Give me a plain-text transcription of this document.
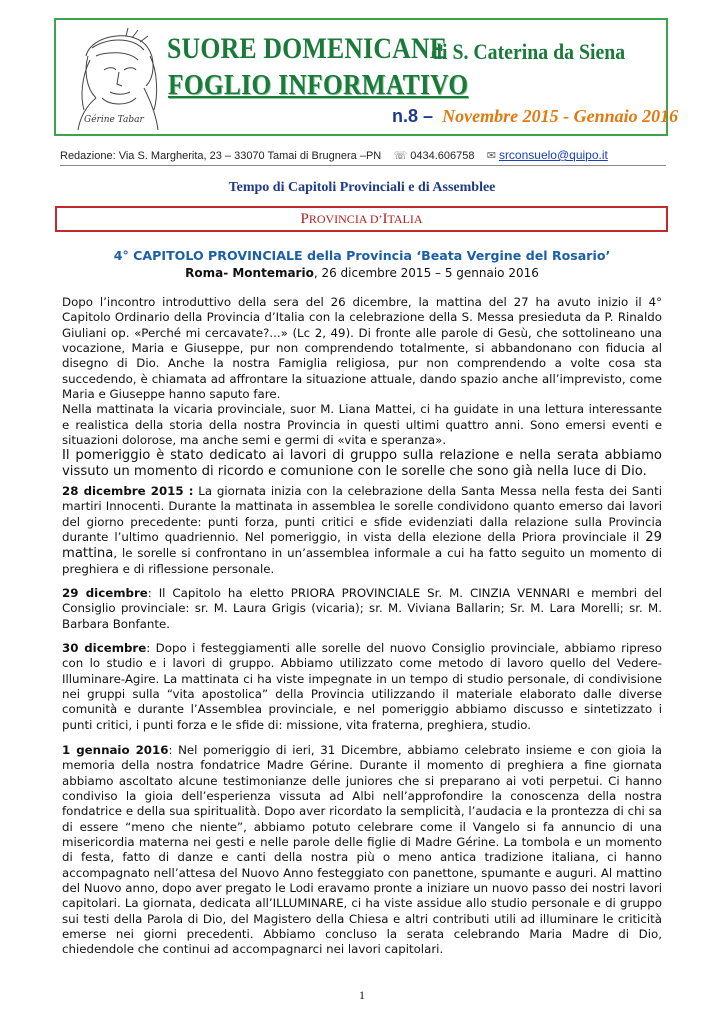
Gérine Tabar
SUORE DOMENICANE
di S. Caterina da Siena
FOGLIO INFORMATIVO
n.8 – Novembre 2015 - Gennaio 2016
Redazione: Via S. Margherita, 23 – 33070 Tamai di Brugnera –PN ☏ 0434.606758 ✉ srconsuelo@quipo.it
Tempo di Capitoli Provinciali e di Assemblee
PROVINCIA D’ITALIA
4° CAPITOLO PROVINCIALE della Provincia ‘Beata Vergine del Rosario’
Roma- Montemario, 26 dicembre 2015 – 5 gennaio 2016

Dopo l’incontro introduttivo della sera del 26 dicembre, la mattina del 27 ha avuto inizio il 4° Capitolo Ordinario della Provincia d’Italia con la celebrazione della S. Messa presieduta da P. Rinaldo Giuliani op. «Perché mi cercavate?...» (Lc 2, 49). Di fronte alle parole di Gesù, che sottolineano una vocazione, Maria e Giuseppe, pur non comprendendo totalmente, si abbandonano con fiducia al disegno di Dio. Anche la nostra Famiglia religiosa, pur non comprendendo a volte cosa sta succedendo, è chiamata ad affrontare la situazione attuale, dando spazio anche all’imprevisto, come Maria e Giuseppe hanno saputo fare.

Nella mattinata la vicaria provinciale, suor M. Liana Mattei, ci ha guidate in una lettura interessante e realistica della storia della nostra Provincia in questi ultimi quattro anni. Sono emersi eventi e situazioni dolorose, ma anche semi e germi di «vita e speranza».

Il pomeriggio è stato dedicato ai lavori di gruppo sulla relazione e nella serata abbiamo vissuto un momento di ricordo e comunione con le sorelle che sono già nella luce di Dio.

28 dicembre 2015 : La giornata inizia con la celebrazione della Santa Messa nella festa dei Santi martiri Innocenti. Durante la mattinata in assemblea le sorelle condividono quanto emerso dai lavori del giorno precedente: punti forza, punti critici e sfide evidenziati dalla relazione sulla Provincia durante l’ultimo quadriennio. Nel pomeriggio, in vista della elezione della Priora provinciale il 29 mattina, le sorelle si confrontano in un’assemblea informale a cui ha fatto seguito un momento di preghiera e di riflessione personale.

29 dicembre: Il Capitolo ha eletto PRIORA PROVINCIALE Sr. M. CINZIA VENNARI e membri del Consiglio provinciale: sr. M. Laura Grigis (vicaria); sr. M. Viviana Ballarin; Sr. M. Lara Morelli; sr. M. Barbara Bonfante.

30 dicembre: Dopo i festeggiamenti alle sorelle del nuovo Consiglio provinciale, abbiamo ripreso con lo studio e i lavori di gruppo. Abbiamo utilizzato come metodo di lavoro quello del Vedere-Illuminare-Agire. La mattinata ci ha viste impegnate in un tempo di studio personale, di condivisione nei gruppi sulla “vita apostolica” della Provincia utilizzando il materiale elaborato dalle diverse comunità e durante l’Assemblea provinciale, e nel pomeriggio abbiamo discusso e sintetizzato i punti critici, i punti forza e le sfide di: missione, vita fraterna, preghiera, studio.

1 gennaio 2016: Nel pomeriggio di ieri, 31 Dicembre, abbiamo celebrato insieme e con gioia la memoria della nostra fondatrice Madre Gérine. Durante il momento di preghiera a fine giornata abbiamo ascoltato alcune testimonianze delle juniores che si preparano ai voti perpetui. Ci hanno condiviso la gioia dell’esperienza vissuta ad Albi nell’approfondire la conoscenza della nostra fondatrice e della sua spiritualità. Dopo aver ricordato la semplicità, l’audacia e la prontezza di chi sa di essere “meno che niente”, abbiamo potuto celebrare come il Vangelo si fa annuncio di una misericordia materna nei gesti e nelle parole delle figlie di Madre Gérine. La tombola e un momento di festa, fatto di danze e canti della nostra più o meno antica tradizione italiana, ci hanno accompagnato nell’attesa del Nuovo Anno festeggiato con panettone, spumante e auguri. Al mattino del Nuovo anno, dopo aver pregato le Lodi eravamo pronte a iniziare un nuovo passo dei nostri lavori capitolari. La giornata, dedicata all’ILLUMINARE, ci ha viste assidue allo studio personale e di gruppo sui testi della Parola di Dio, del Magistero della Chiesa e altri contributi utili ad illuminare le criticità emerse nei giorni precedenti. Abbiamo concluso la serata celebrando Maria Madre di Dio, chiedendole che continui ad accompagnarci nei lavori capitolari.

1
